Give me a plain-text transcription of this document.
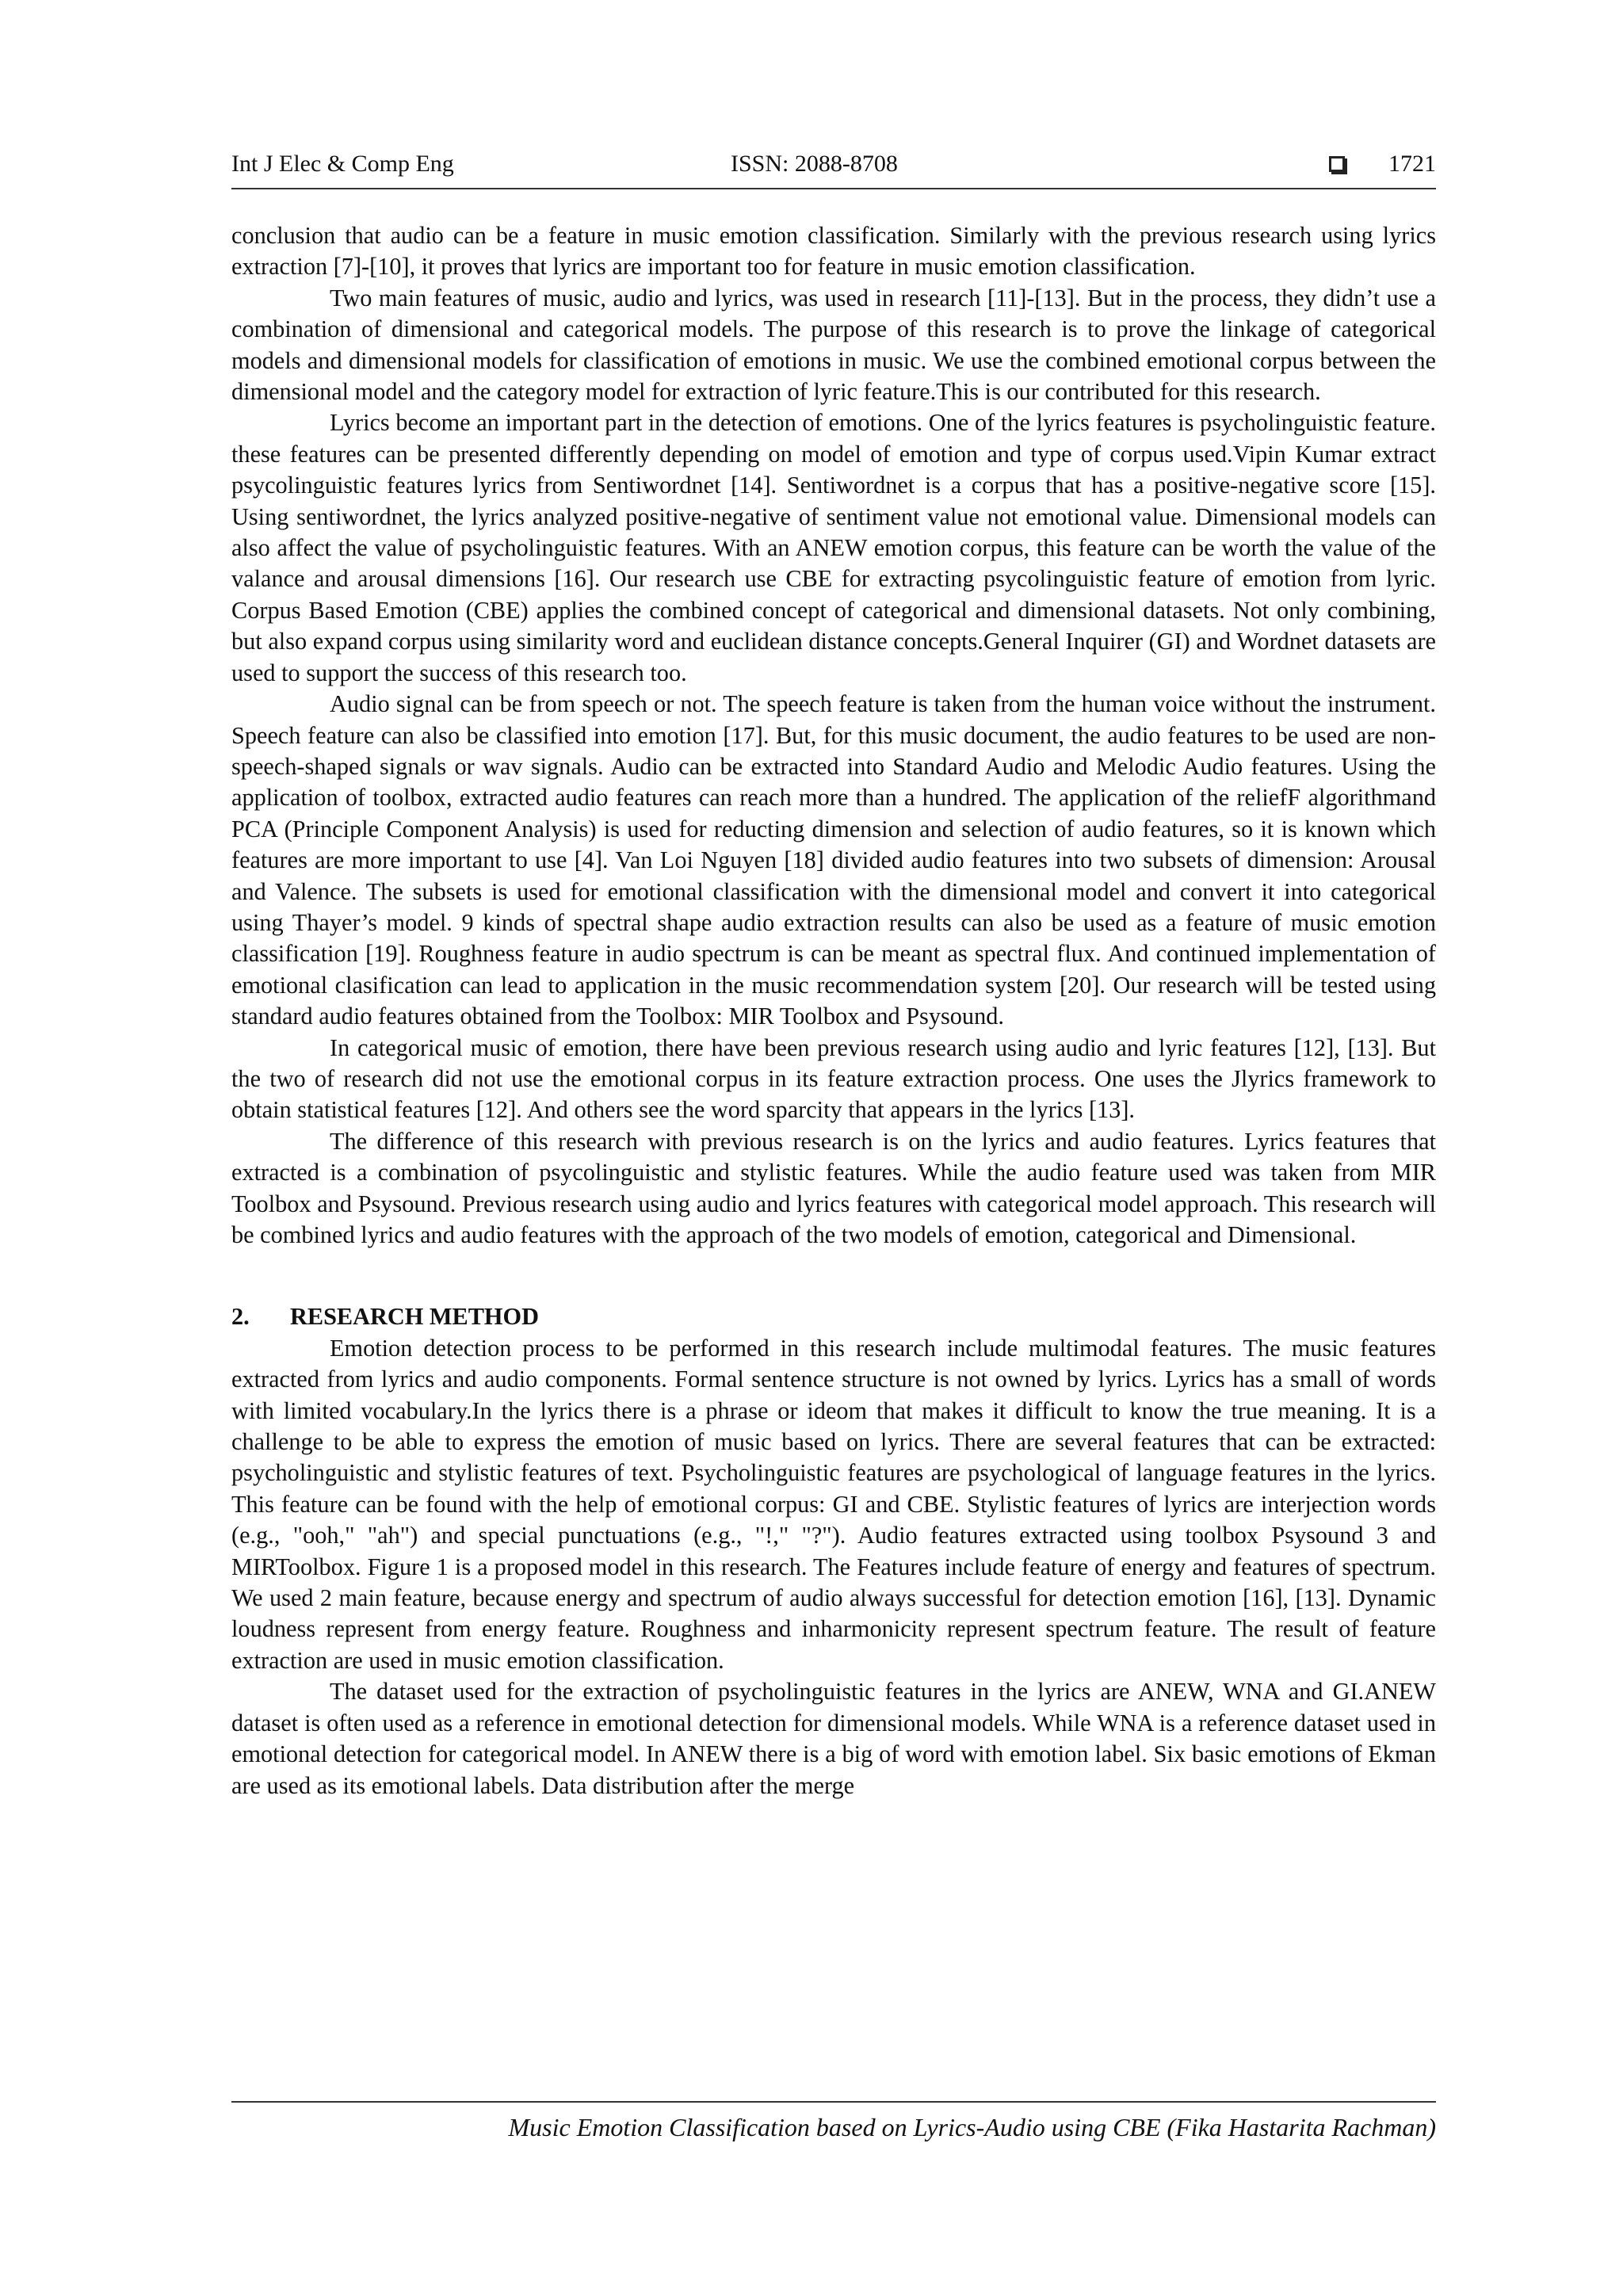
Int J Elec & Comp Eng	ISSN: 2088-8708	1721

conclusion that audio can be a feature in music emotion classification. Similarly with the previous research using lyrics extraction [7]-[10], it proves that lyrics are important too for feature in music emotion classification.

Two main features of music, audio and lyrics, was used in research [11]-[13]. But in the process, they didn’t use a combination of dimensional and categorical models. The purpose of this research is to prove the linkage of categorical models and dimensional models for classification of emotions in music. We use the combined emotional corpus between the dimensional model and the category model for extraction of lyric feature.This is our contributed for this research.

Lyrics become an important part in the detection of emotions. One of the lyrics features is psycholinguistic feature. these features can be presented differently depending on model of emotion and type of corpus used.Vipin Kumar extract psycolinguistic features lyrics from Sentiwordnet [14]. Sentiwordnet is a corpus that has a positive-negative score [15]. Using sentiwordnet, the lyrics analyzed positive-negative of sentiment value not emotional value. Dimensional models can also affect the value of psycholinguistic features. With an ANEW emotion corpus, this feature can be worth the value of the valance and arousal dimensions [16]. Our research use CBE for extracting psycolinguistic feature of emotion from lyric. Corpus Based Emotion (CBE) applies the combined concept of categorical and dimensional datasets. Not only combining, but also expand corpus using similarity word and euclidean distance concepts.General Inquirer (GI) and Wordnet datasets are used to support the success of this research too.

Audio signal can be from speech or not. The speech feature is taken from the human voice without the instrument. Speech feature can also be classified into emotion [17]. But, for this music document, the audio features to be used are non-speech-shaped signals or wav signals. Audio can be extracted into Standard Audio and Melodic Audio features. Using the application of toolbox, extracted audio features can reach more than a hundred. The application of the reliefF algorithmand PCA (Principle Component Analysis) is used for reducting dimension and selection of audio features, so it is known which features are more important to use [4]. Van Loi Nguyen [18] divided audio features into two subsets of dimension: Arousal and Valence. The subsets is used for emotional classification with the dimensional model and convert it into categorical using Thayer’s model. 9 kinds of spectral shape audio extraction results can also be used as a feature of music emotion classification [19]. Roughness feature in audio spectrum is can be meant as spectral flux. And continued implementation of emotional clasification can lead to application in the music recommendation system [20]. Our research will be tested using standard audio features obtained from the Toolbox: MIR Toolbox and Psysound.

In categorical music of emotion, there have been previous research using audio and lyric features [12], [13]. But the two of research did not use the emotional corpus in its feature extraction process. One uses the Jlyrics framework to obtain statistical features [12]. And others see the word sparcity that appears in the lyrics [13].

The difference of this research with previous research is on the lyrics and audio features. Lyrics features that extracted is a combination of psycolinguistic and stylistic features. While the audio feature used was taken from MIR Toolbox and Psysound. Previous research using audio and lyrics features with categorical model approach. This research will be combined lyrics and audio features with the approach of the two models of emotion, categorical and Dimensional.

2. RESEARCH METHOD

Emotion detection process to be performed in this research include multimodal features. The music features extracted from lyrics and audio components. Formal sentence structure is not owned by lyrics. Lyrics has a small of words with limited vocabulary.In the lyrics there is a phrase or ideom that makes it difficult to know the true meaning. It is a challenge to be able to express the emotion of music based on lyrics. There are several features that can be extracted: psycholinguistic and stylistic features of text. Psycholinguistic features are psychological of language features in the lyrics. This feature can be found with the help of emotional corpus: GI and CBE. Stylistic features of lyrics are interjection words (e.g., "ooh," "ah") and special punctuations (e.g., "!," "?"). Audio features extracted using toolbox Psysound 3 and MIRToolbox. Figure 1 is a proposed model in this research. The Features include feature of energy and features of spectrum. We used 2 main feature, because energy and spectrum of audio always successful for detection emotion [16], [13]. Dynamic loudness represent from energy feature. Roughness and inharmonicity represent spectrum feature. The result of feature extraction are used in music emotion classification.

The dataset used for the extraction of psycholinguistic features in the lyrics are ANEW, WNA and GI.ANEW dataset is often used as a reference in emotional detection for dimensional models. While WNA is a reference dataset used in emotional detection for categorical model. In ANEW there is a big of word with emotion label. Six basic emotions of Ekman are used as its emotional labels. Data distribution after the merge

Music Emotion Classification based on Lyrics-Audio using CBE (Fika Hastarita Rachman)
